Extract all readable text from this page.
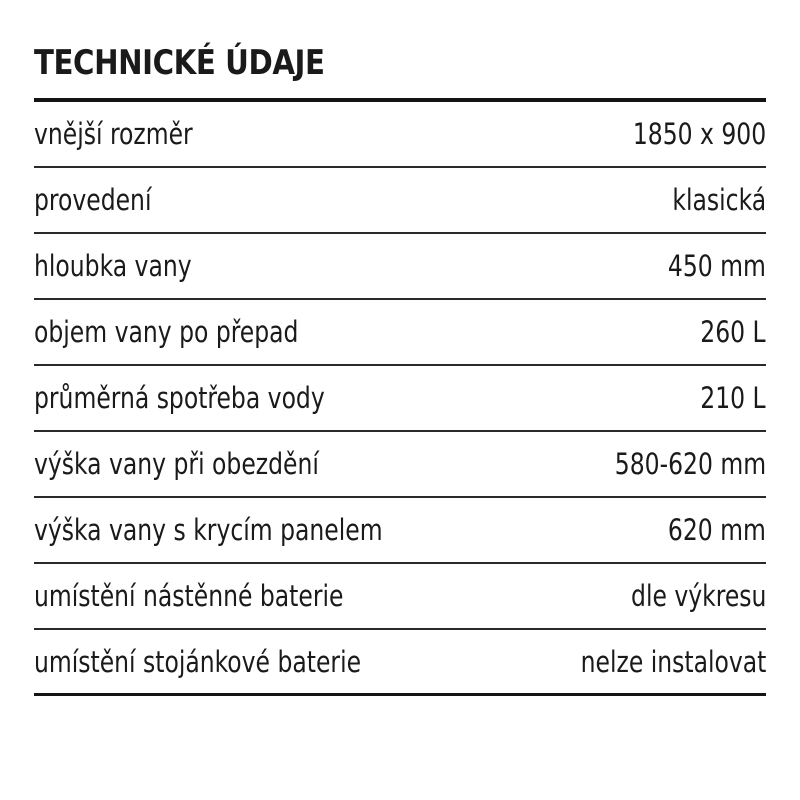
TECHNICKÉ ÚDAJE
vnější rozměr	1850 x 900
provedení	klasická
hloubka vany	450 mm
objem vany po přepad	260 L
průměrná spotřeba vody	210 L
výška vany při obezdění	580-620 mm
výška vany s krycím panelem	620 mm
umístění nástěnné baterie	dle výkresu
umístění stojánkové baterie	nelze instalovat
